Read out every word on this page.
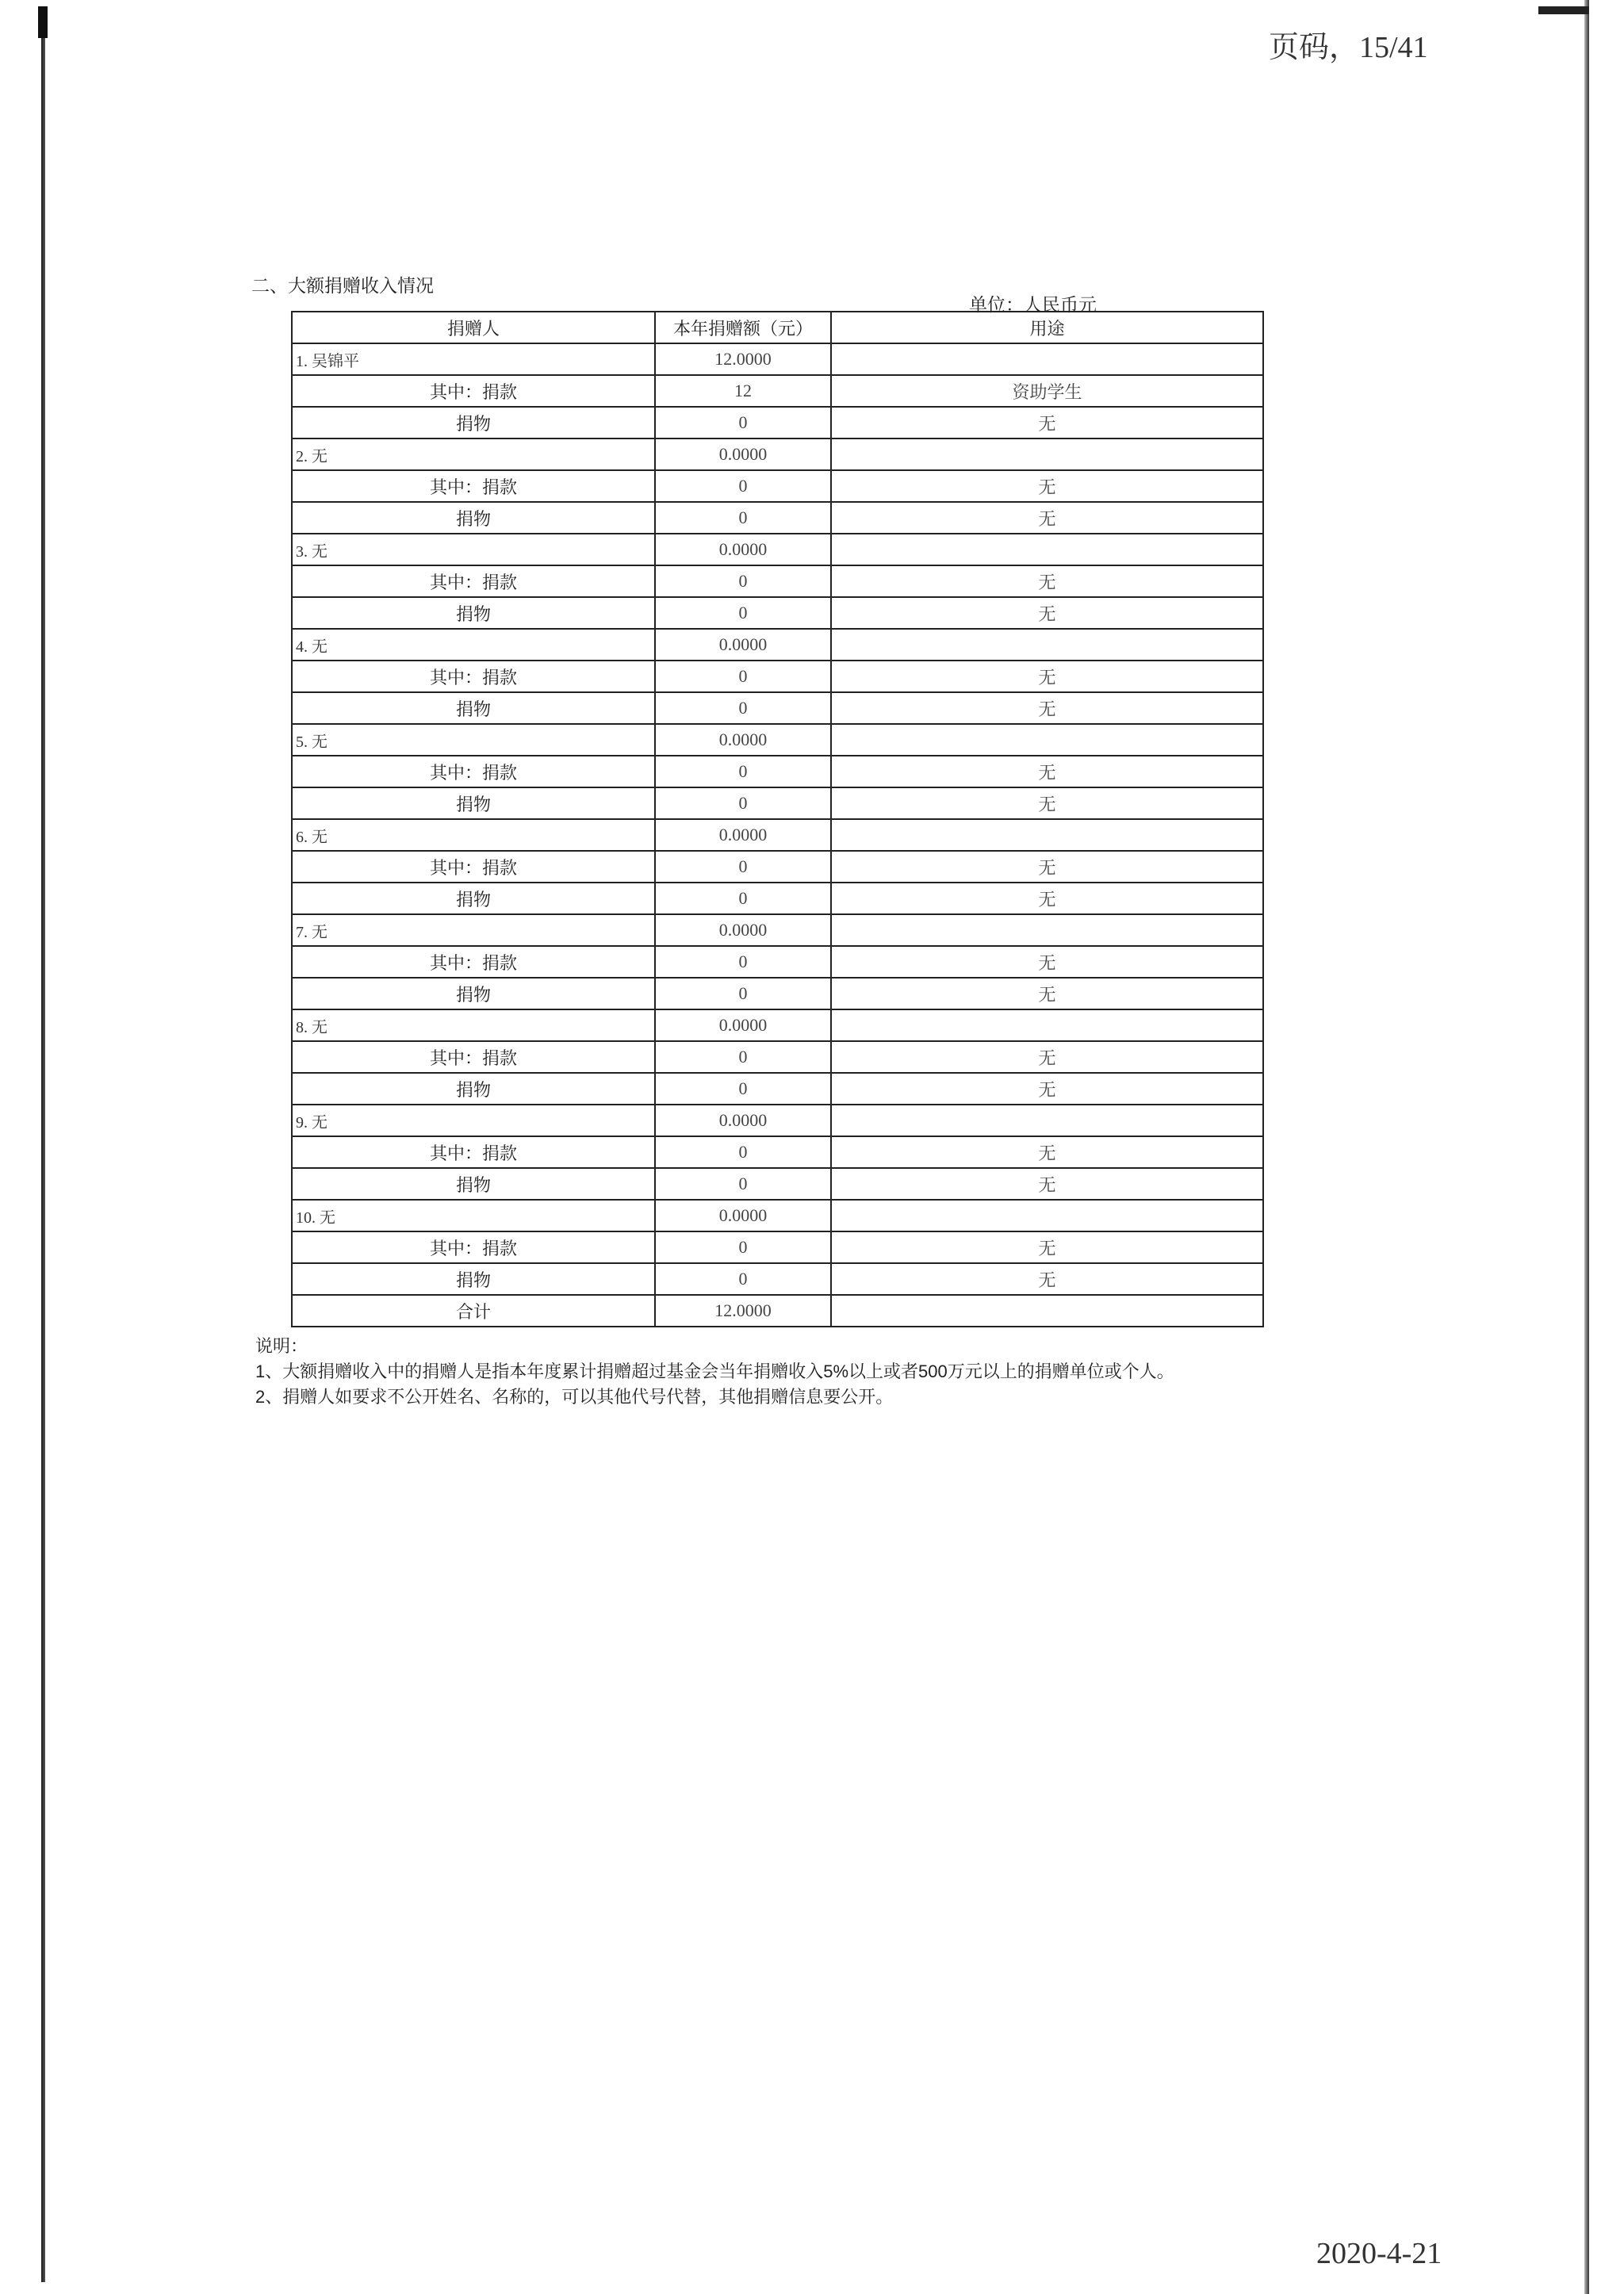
页码，15/41
二、大额捐赠收入情况
单位：人民币元
捐赠人	本年捐赠额（元）	用途
1. 吴锦平	12.0000	
其中：捐款	12	资助学生
捐物	0	无
2. 无	0.0000	
其中：捐款	0	无
捐物	0	无
3. 无	0.0000	
其中：捐款	0	无
捐物	0	无
4. 无	0.0000	
其中：捐款	0	无
捐物	0	无
5. 无	0.0000	
其中：捐款	0	无
捐物	0	无
6. 无	0.0000	
其中：捐款	0	无
捐物	0	无
7. 无	0.0000	
其中：捐款	0	无
捐物	0	无
8. 无	0.0000	
其中：捐款	0	无
捐物	0	无
9. 无	0.0000	
其中：捐款	0	无
捐物	0	无
10. 无	0.0000	
其中：捐款	0	无
捐物	0	无
合计	12.0000	
说明：
1、大额捐赠收入中的捐赠人是指本年度累计捐赠超过基金会当年捐赠收入5%以上或者500万元以上的捐赠单位或个人。
2、捐赠人如要求不公开姓名、名称的，可以其他代号代替，其他捐赠信息要公开。
2020-4-21
